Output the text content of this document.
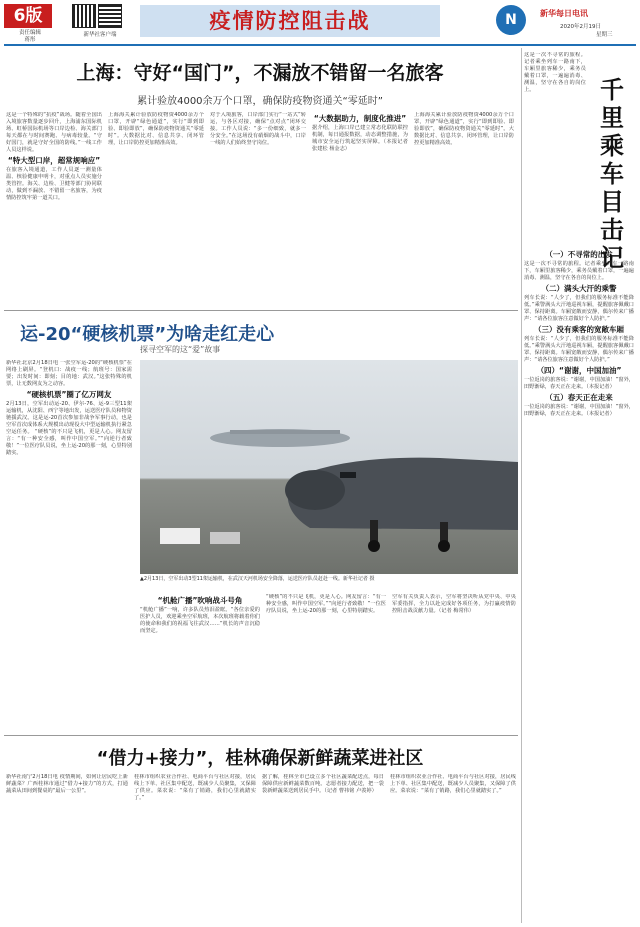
6版
责任编辑
蒋彤
新华社客户端
疫情防控阻击战	N	新华每日电讯
2020年2月19日
星期三
上海：守好“国门”，不漏放不错留一名旅客
累计验放4000余万个口罩，确保防疫物资通关“零延时”
这是一个特殊的“抗疫”战场。随着全国出入境旅客数量逐步回升，上海浦东国际机场、虹桥国际机场等口岸边检、海关部门每天都在与时间赛跑、与病毒较量。“守好国门，就是守好全国的防线。”一线工作人员这样说。
“特大型口岸，超常规响应”
在旅客入境通道，工作人员逐一测量体温、核验健康申明卡，对重点人员实施分类管控。海关、边检、卫健等部门协同联动，做到不漏放、不错留一名旅客，为疫情防控筑牢第一道关口。
上海海关累计验放防疫物资4000余万个口罩，开辟“绿色通道”，实行“即到即验、即验即放”，确保防疫物资通关“零延时”。大数据比对、信息共享、闭环管理，让口岸防控更加精准高效。
对于入境旅客，口岸部门实行“一站式”转运，与各区对接，确保“点对点”闭环交接。工作人员说：“多一份细致，就多一分安全。”在这场没有硝烟的战斗中，口岸一线的人们始终坚守岗位。
“大数据助力，制度化推进”
据介绍，上海口岸已建立常态化联防联控机制，每日通报数据，动态调整措施，为城市安全运行筑起坚实屏障。（本报记者 张建松 杨金志）
上海海关累计验放防疫物资4000余万个口罩，开辟“绿色通道”，实行“即到即验、即验即放”，确保防疫物资通关“零延时”。大数据比对、信息共享、闭环管理，让口岸防控更加精准高效。
运-20“硬核机票”为啥走红走心
探寻空军的这“爱”故事
▲2月13日，空军出动3型11架运输机，在武汉天河机场安全降落，运送医疗队员赶赴一线。新华社记者 摄
新华社北京2月18日电 一张空军运-20的“硬核机票”在网络上刷屏。“登机口：战疫一线；航班号：国家需要；出发时间：即刻；目的地：武汉。”这张特殊的机票，让无数网友为之动容。
“硬核机票”圈了亿万网友
2月13日，空军出动运-20、伊尔-76、运-9三型11架运输机，从沈阳、西宁等地出发，运送医疗队员和物资驰援武汉。这是运-20首次参加非战争军事行动，也是空军首次成体系大规模出动现役大中型运输机执行紧急空运任务。 “硬核”的不只是飞机，更是人心。网友留言：“有一种安全感，叫作中国空军。”“向逆行者致敬！”一位医疗队员说，坐上运-20的那一刻，心里特别踏实。
“机舱广播”吹响战斗号角
“机舱广播”一响，许多队员热泪盈眶。“各位亲爱的医护人员，欢迎乘坐空军航班，本次航班将载着你们的使命和我们的祝福飞往武汉……”机长的声音沉稳而坚定。
“硬核”的不只是飞机，更是人心。网友留言：“有一种安全感，叫作中国空军。”“向逆行者致敬！”一位医疗队员说，坐上运-20的那一刻，心里特别踏实。
空军有关负责人表示，空军将坚决听从党中央、中央军委指挥，全力以赴完成好各项任务，为打赢疫情防控阻击战贡献力量。（记者 梅常伟）
“借力+接力”，桂林确保新鲜蔬菜进社区
新华社南宁2月18日电 疫情期间，如何让居民吃上新鲜蔬菜？广西桂林市通过“借力+接力”的方式，打通蔬菜从田间到餐桌的“最后一公里”。
桂林市组织农业合作社、电商平台与社区对接，居民线上下单、社区集中配送，既减少人员聚集，又保障了供应。菜农说：“菜有了销路，我们心里就踏实了。”
据了解，桂林全市已设立多个社区蔬菜配送点，每日保障供应新鲜蔬菜数百吨。志愿者接力配送，把一袋袋新鲜蔬菜送到居民手中。（记者 曹祎铭 卢羡婷）
桂林市组织农业合作社、电商平台与社区对接，居民线上下单、社区集中配送，既减少人员聚集，又保障了供应。菜农说：“菜有了销路，我们心里就踏实了。”
这是一次不寻常的旅程。记者乘坐列车一路南下，车厢里旅客稀少，乘务员戴着口罩，一遍遍消毒、测温，坚守在各自的岗位上。	千里乘车目击记
（一）不寻常的出发
这是一次不寻常的旅程。记者乘坐列车一路南下，车厢里旅客稀少，乘务员戴着口罩，一遍遍消毒、测温，坚守在各自的岗位上。
（二）满头大汗的乘警
列车长说：“人少了，但我们的服务标准不能降低。”乘警满头大汗地巡视车厢，提醒旅客佩戴口罩、保持距离。车厢宽敞而安静，偶尔传来广播声：“请各位旅客注意做好个人防护。”
（三）没有乘客的宽敞车厢
列车长说：“人少了，但我们的服务标准不能降低。”乘警满头大汗地巡视车厢，提醒旅客佩戴口罩、保持距离。车厢宽敞而安静，偶尔传来广播声：“请各位旅客注意做好个人防护。”
（四）“谢谢，中国加油”
一位返岗的旅客说：“谢谢，中国加油！”窗外，田野渐绿，春天正在走来。（本报记者）
（五）春天正在走来
一位返岗的旅客说：“谢谢，中国加油！”窗外，田野渐绿，春天正在走来。（本报记者）
